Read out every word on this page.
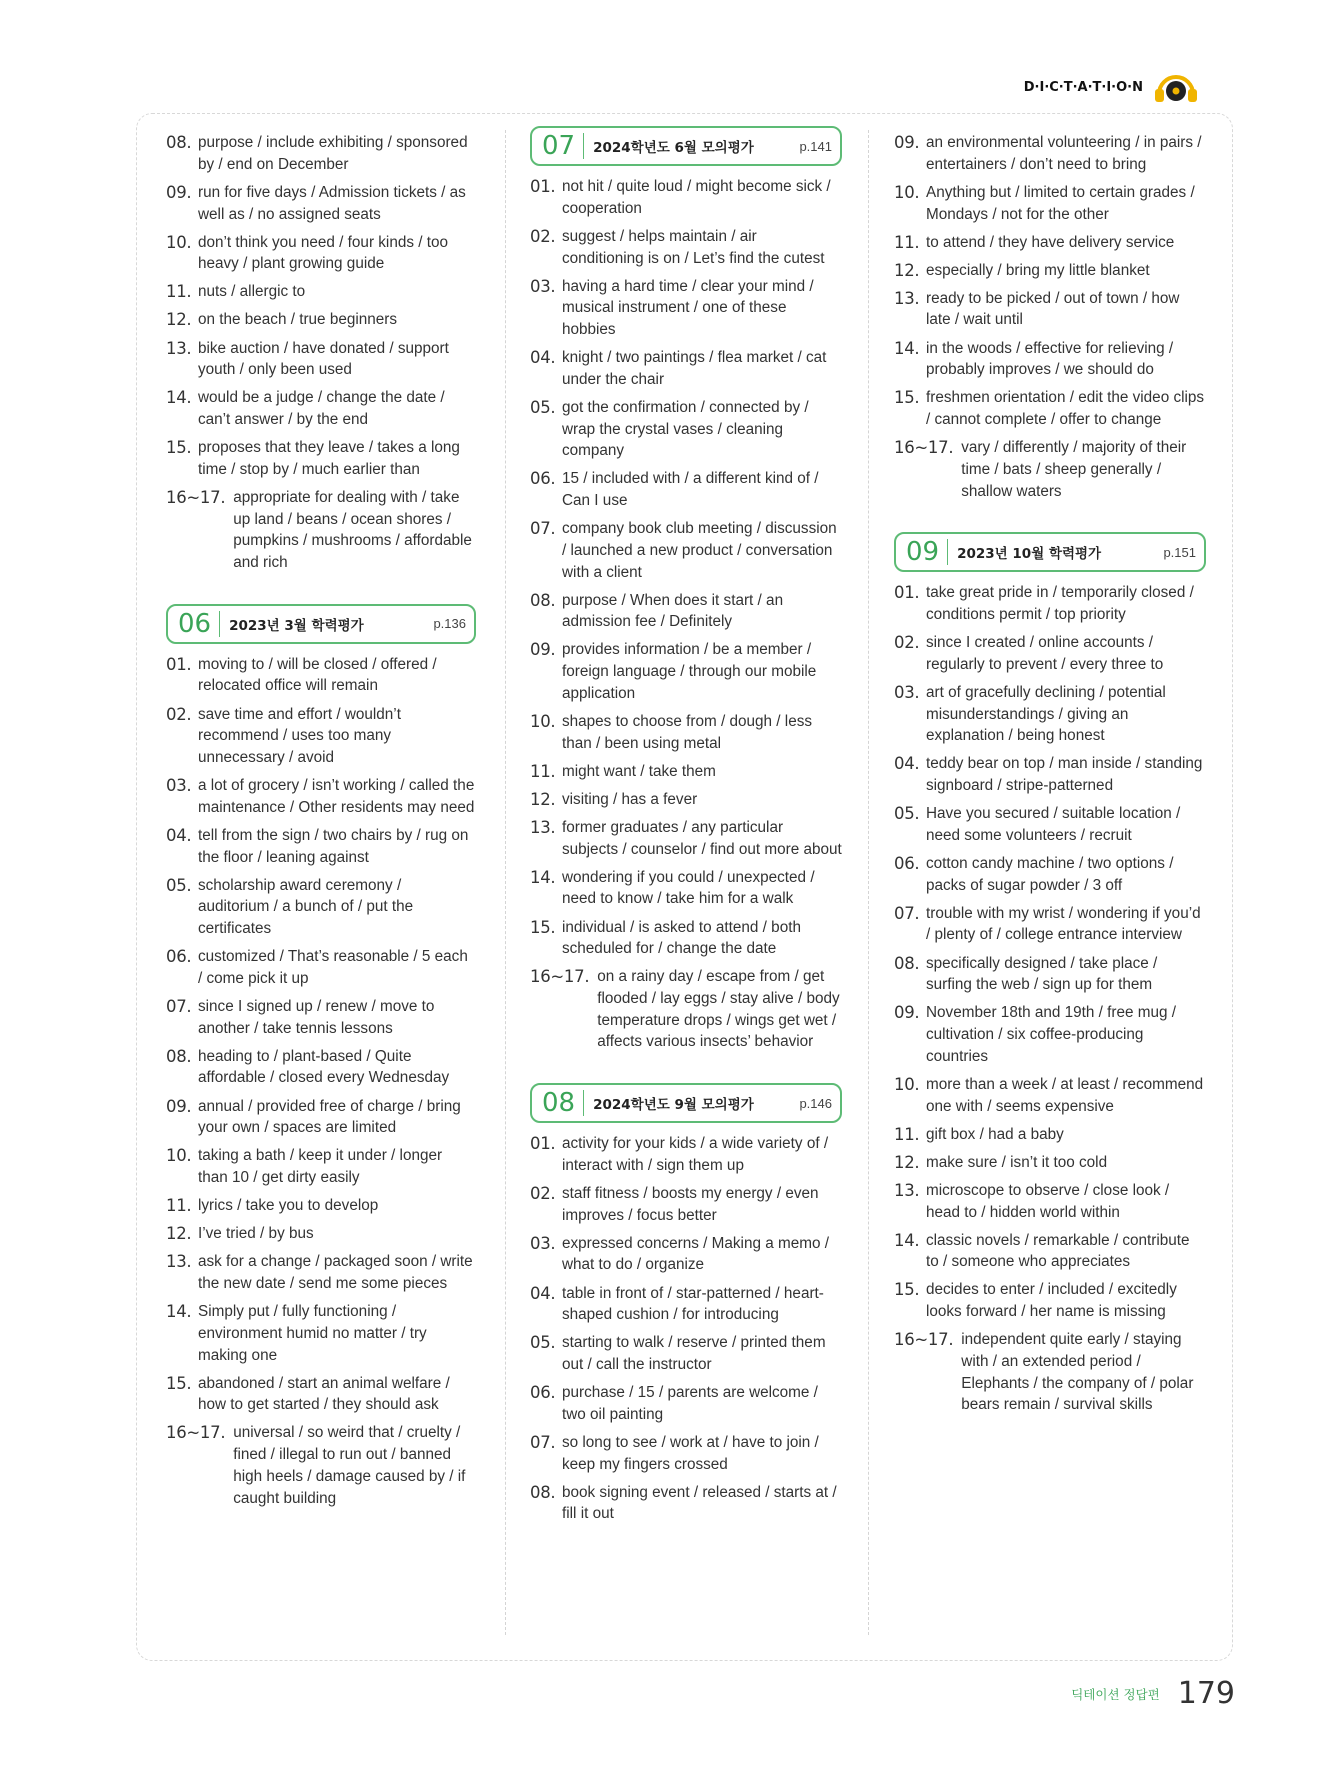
D·I·C·T·A·T·I·O·N
08. purpose / include exhibiting / sponsored by / end on December
09. run for five days / Admission tickets / as well as / no assigned seats
10. don’t think you need / four kinds / too heavy / plant growing guide
11. nuts / allergic to
12. on the beach / true beginners
13. bike auction / have donated / support youth / only been used
14. would be a judge / change the date / can’t answer / by the end
15. proposes that they leave / takes a long time / stop by / much earlier than
16~17. appropriate for dealing with / take up land / beans / ocean shores / pumpkins / mushrooms / affordable and rich
06	2023년 3월 학력평가	p.136
01. moving to / will be closed / offered / relocated office will remain
02. save time and effort / wouldn’t recommend / uses too many unnecessary / avoid
03. a lot of grocery / isn’t working / called the maintenance / Other residents may need
04. tell from the sign / two chairs by / rug on the floor / leaning against
05. scholarship award ceremony / auditorium / a bunch of / put the certificates
06. customized / That’s reasonable / 5 each / come pick it up
07. since I signed up / renew / move to another / take tennis lessons
08. heading to / plant-based / Quite affordable / closed every Wednesday
09. annual / provided free of charge / bring your own / spaces are limited
10. taking a bath / keep it under / longer than 10 / get dirty easily
11. lyrics / take you to develop
12. I’ve tried / by bus
13. ask for a change / packaged soon / write the new date / send me some pieces
14. Simply put / fully functioning / environment humid no matter / try making one
15. abandoned / start an animal welfare / how to get started / they should ask
16~17. universal / so weird that / cruelty / fined / illegal to run out / banned high heels / damage caused by / if caught building
07	2024학년도 6월 모의평가	p.141
01. not hit / quite loud / might become sick / cooperation
02. suggest / helps maintain / air conditioning is on / Let’s find the cutest
03. having a hard time / clear your mind / musical instrument / one of these hobbies
04. knight / two paintings / flea market / cat under the chair
05. got the confirmation / connected by / wrap the crystal vases / cleaning company
06. 15 / included with / a different kind of / Can I use
07. company book club meeting / discussion / launched a new product / conversation with a client
08. purpose / When does it start / an admission fee / Definitely
09. provides information / be a member / foreign language / through our mobile application
10. shapes to choose from / dough / less than / been using metal
11. might want / take them
12. visiting / has a fever
13. former graduates / any particular subjects / counselor / find out more about
14. wondering if you could / unexpected / need to know / take him for a walk
15. individual / is asked to attend / both scheduled for / change the date
16~17. on a rainy day / escape from / get flooded / lay eggs / stay alive / body temperature drops / wings get wet / affects various insects’ behavior
08	2024학년도 9월 모의평가	p.146
01. activity for your kids / a wide variety of / interact with / sign them up
02. staff fitness / boosts my energy / even improves / focus better
03. expressed concerns / Making a memo / what to do / organize
04. table in front of / star-patterned / heart-shaped cushion / for introducing
05. starting to walk / reserve / printed them out / call the instructor
06. purchase / 15 / parents are welcome / two oil painting
07. so long to see / work at / have to join / keep my fingers crossed
08. book signing event / released / starts at / fill it out
09. an environmental volunteering / in pairs / entertainers / don’t need to bring
10. Anything but / limited to certain grades / Mondays / not for the other
11. to attend / they have delivery service
12. especially / bring my little blanket
13. ready to be picked / out of town / how late / wait until
14. in the woods / effective for relieving / probably improves / we should do
15. freshmen orientation / edit the video clips / cannot complete / offer to change
16~17. vary / differently / majority of their time / bats / sheep generally / shallow waters
09	2023년 10월 학력평가	p.151
01. take great pride in / temporarily closed / conditions permit / top priority
02. since I created / online accounts / regularly to prevent / every three to
03. art of gracefully declining / potential misunderstandings / giving an explanation / being honest
04. teddy bear on top / man inside / standing signboard / stripe-patterned
05. Have you secured / suitable location / need some volunteers / recruit
06. cotton candy machine / two options / packs of sugar powder / 3 off
07. trouble with my wrist / wondering if you’d / plenty of / college entrance interview
08. specifically designed / take place / surfing the web / sign up for them
09. November 18th and 19th / free mug / cultivation / six coffee-producing countries
10. more than a week / at least / recommend one with / seems expensive
11. gift box / had a baby
12. make sure / isn’t it too cold
13. microscope to observe / close look / head to / hidden world within
14. classic novels / remarkable / contribute to / someone who appreciates
15. decides to enter / included / excitedly looks forward / her name is missing
16~17. independent quite early / staying with / an extended period / Elephants / the company of / polar bears remain / survival skills
딕테이션 정답편 179
